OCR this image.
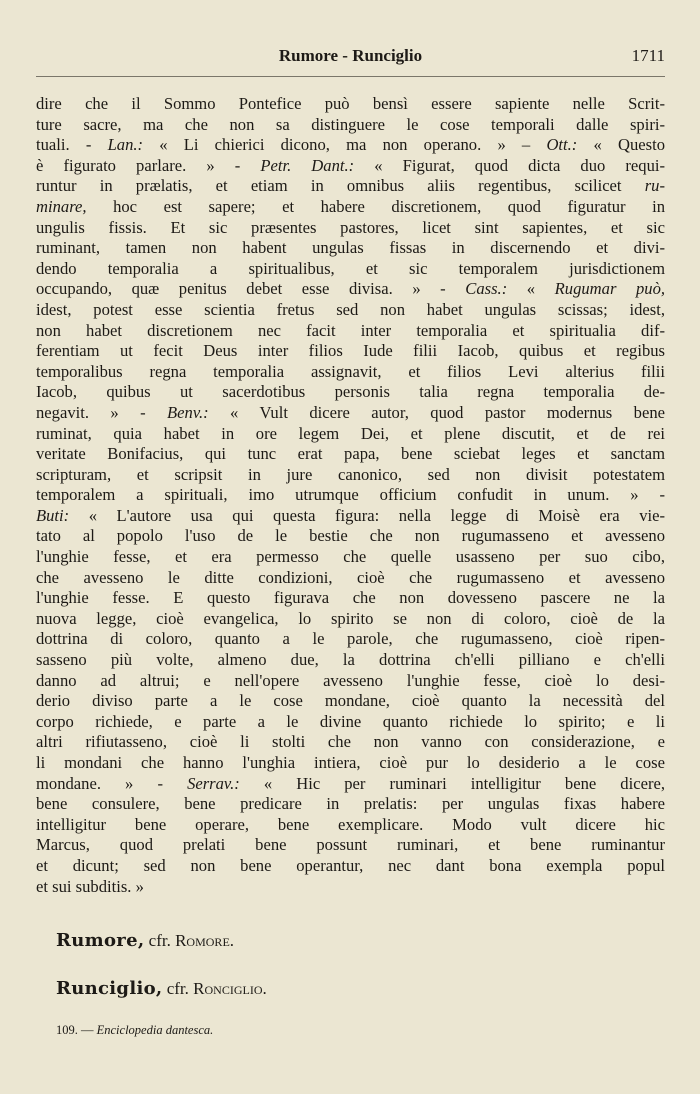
Rumore - Runciglio	1711
dire che il Sommo Pontefice può bensì essere sapiente nelle Scrit-
ture sacre, ma che non sa distinguere le cose temporali dalle spiri-
tuali. - Lan.: « Li chierici dicono, ma non operano. » – Ott.: « Questo
è figurato parlare. » - Petr. Dant.: « Figurat, quod dicta duo requi-
runtur in prælatis, et etiam in omnibus aliis regentibus, scilicet ru-
minare, hoc est sapere; et habere discretionem, quod figuratur in
ungulis fissis. Et sic præsentes pastores, licet sint sapientes, et sic
ruminant, tamen non habent ungulas fissas in discernendo et divi-
dendo temporalia a spiritualibus, et sic temporalem jurisdictionem
occupando, quæ penitus debet esse divisa. » - Cass.: « Rugumar può,
idest, potest esse scientia fretus sed non habet ungulas scissas; idest,
non habet discretionem nec facit inter temporalia et spiritualia dif-
ferentiam ut fecit Deus inter filios Iude filii Iacob, quibus et regibus
temporalibus regna temporalia assignavit, et filios Levi alterius filii
Iacob, quibus ut sacerdotibus personis talia regna temporalia de-
negavit. » - Benv.: « Vult dicere autor, quod pastor modernus bene
ruminat, quia habet in ore legem Dei, et plene discutit, et de rei
veritate Bonifacius, qui tunc erat papa, bene sciebat leges et sanctam
scripturam, et scripsit in jure canonico, sed non divisit potestatem
temporalem a spirituali, imo utrumque officium confudit in unum. » -
Buti: « L'autore usa qui questa figura: nella legge di Moisè era vie-
tato al popolo l'uso de le bestie che non rugumasseno et avesseno
l'unghie fesse, et era permesso che quelle usasseno per suo cibo,
che avesseno le ditte condizioni, cioè che rugumasseno et avesseno
l'unghie fesse. E questo figurava che non dovesseno pascere ne la
nuova legge, cioè evangelica, lo spirito se non di coloro, cioè de la
dottrina di coloro, quanto a le parole, che rugumasseno, cioè ripen-
sasseno più volte, almeno due, la dottrina ch'elli pilliano e ch'elli
danno ad altrui; e nell'opere avesseno l'unghie fesse, cioè lo desi-
derio diviso parte a le cose mondane, cioè quanto la necessità del
corpo richiede, e parte a le divine quanto richiede lo spirito; e li
altri rifiutasseno, cioè li stolti che non vanno con considerazione, e
li mondani che hanno l'unghia intiera, cioè pur lo desiderio a le cose
mondane. » - Serrav.: « Hic per ruminari intelligitur bene dicere,
bene consulere, bene predicare in prelatis: per ungulas fixas habere
intelligitur bene operare, bene exemplicare. Modo vult dicere hic
Marcus, quod prelati bene possunt ruminari, et bene ruminantur
et dicunt; sed non bene operantur, nec dant bona exempla popul
et sui subditis. »
Rumore, cfr. Romore.
Runciglio, cfr. Ronciglio.
109. — Enciclopedia dantesca.
